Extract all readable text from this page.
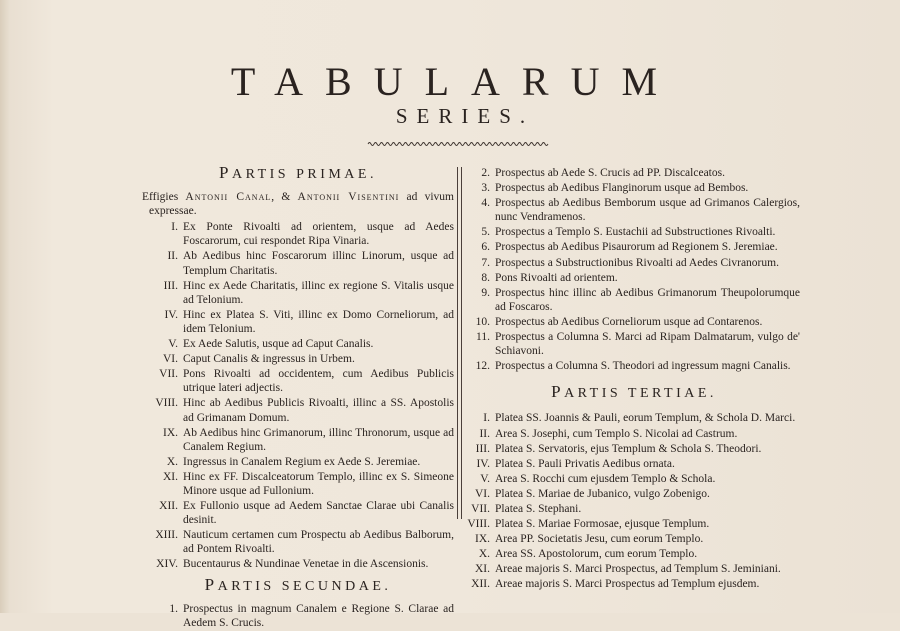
TABULARUM
SERIES.
PARTIS PRIMAE.
Effigies Antonii Canal, & Antonii Visentini ad vivum expressae.
I. Ex Ponte Rivoalti ad orientem, usque ad Aedes Foscarorum, cui respondet Ripa Vinaria.
II. Ab Aedibus hinc Foscarorum illinc Linorum, usque ad Templum Charitatis.
III. Hinc ex Aede Charitatis, illinc ex regione S. Vitalis usque ad Telonium.
IV. Hinc ex Platea S. Viti, illinc ex Domo Corneliorum, ad idem Telonium.
V. Ex Aede Salutis, usque ad Caput Canalis.
VI. Caput Canalis & ingressus in Urbem.
VII. Pons Rivoalti ad occidentem, cum Aedibus Publicis utrique lateri adjectis.
VIII. Hinc ab Aedibus Publicis Rivoalti, illinc a SS. Apostolis ad Grimanam Domum.
IX. Ab Aedibus hinc Grimanorum, illinc Thronorum, usque ad Canalem Regium.
X. Ingressus in Canalem Regium ex Aede S. Jeremiae.
XI. Hinc ex FF. Discalceatorum Templo, illinc ex S. Simeone Minore usque ad Fullonium.
XII. Ex Fullonio usque ad Aedem Sanctae Clarae ubi Canalis desinit.
XIII. Nauticum certamen cum Prospectu ab Aedibus Balborum, ad Pontem Rivoalti.
XIV. Bucentaurus & Nundinae Venetae in die Ascensionis.
PARTIS SECUNDAE.
1. Prospectus in magnum Canalem e Regione S. Clarae ad Aedem S. Crucis.
2. Prospectus ab Aede S. Crucis ad PP. Discalceatos.
3. Prospectus ab Aedibus Flanginorum usque ad Bembos.
4. Prospectus ab Aedibus Bemborum usque ad Grimanos Calergios, nunc Vendramenos.
5. Prospectus a Templo S. Eustachii ad Substructiones Rivoalti.
6. Prospectus ab Aedibus Pisaurorum ad Regionem S. Jeremiae.
7. Prospectus a Substructionibus Rivoalti ad Aedes Civranorum.
8. Pons Rivoalti ad orientem.
9. Prospectus hinc illinc ab Aedibus Grimanorum Theupolorumque ad Foscaros.
10. Prospectus ab Aedibus Corneliorum usque ad Contarenos.
11. Prospectus a Columna S. Marci ad Ripam Dalmatarum, vulgo de' Schiavoni.
12. Prospectus a Columna S. Theodori ad ingressum magni Canalis.
PARTIS TERTIAE.
I. Platea SS. Joannis & Pauli, eorum Templum, & Schola D. Marci.
II. Area S. Josephi, cum Templo S. Nicolai ad Castrum.
III. Platea S. Servatoris, ejus Templum & Schola S. Theodori.
IV. Platea S. Pauli Privatis Aedibus ornata.
V. Area S. Rocchi cum ejusdem Templo & Schola.
VI. Platea S. Mariae de Jubanico, vulgo Zobenigo.
VII. Platea S. Stephani.
VIII. Platea S. Mariae Formosae, ejusque Templum.
IX. Area PP. Societatis Jesu, cum eorum Templo.
X. Area SS. Apostolorum, cum eorum Templo.
XI. Areae majoris S. Marci Prospectus, ad Templum S. Jeminiani.
XII. Areae majoris S. Marci Prospectus ad Templum ejusdem.
